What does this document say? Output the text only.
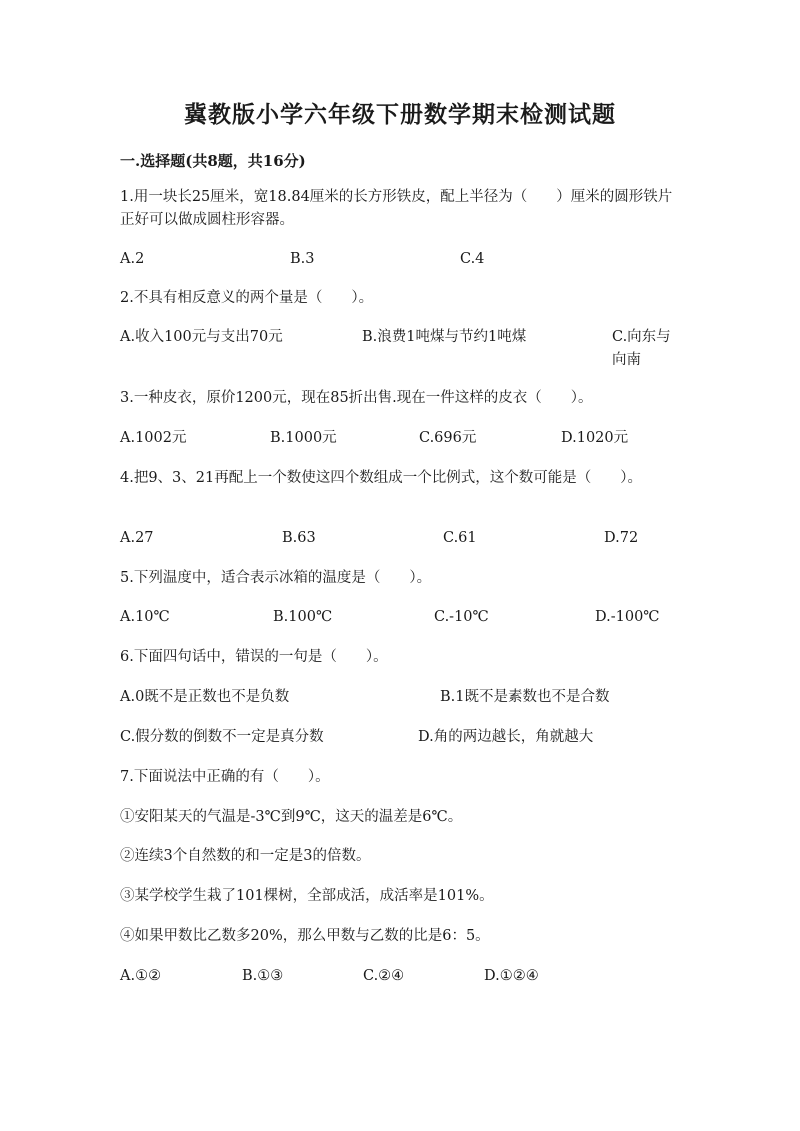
冀教版小学六年级下册数学期末检测试题
一.选择题(共8题，共16分)
1.用一块长25厘米，宽18.84厘米的长方形铁皮，配上半径为（　　）厘米的圆形铁片正好可以做成圆柱形容器。
A.2	B.3	C.4
2.不具有相反意义的两个量是（　　）。
A.收入100元与支出70元	B.浪费1吨煤与节约1吨煤	C.向东与向南
3.一种皮衣，原价1200元，现在85折出售.现在一件这样的皮衣（　　）。
A.1002元	B.1000元	C.696元	D.1020元
4.把9、3、21再配上一个数使这四个数组成一个比例式，这个数可能是（　　）。
A.27	B.63	C.61	D.72
5.下列温度中，适合表示冰箱的温度是（　　）。
A.10℃	B.100℃	C.-10℃	D.-100℃
6.下面四句话中，错误的一句是（　　）。
A.0既不是正数也不是负数	B.1既不是素数也不是合数
C.假分数的倒数不一定是真分数	D.角的两边越长，角就越大
7.下面说法中正确的有（　　）。
①安阳某天的气温是-3℃到9℃，这天的温差是6℃。
②连续3个自然数的和一定是3的倍数。
③某学校学生栽了101棵树，全部成活，成活率是101%。
④如果甲数比乙数多20%，那么甲数与乙数的比是6：5。
A.①②	B.①③	C.②④	D.①②④
